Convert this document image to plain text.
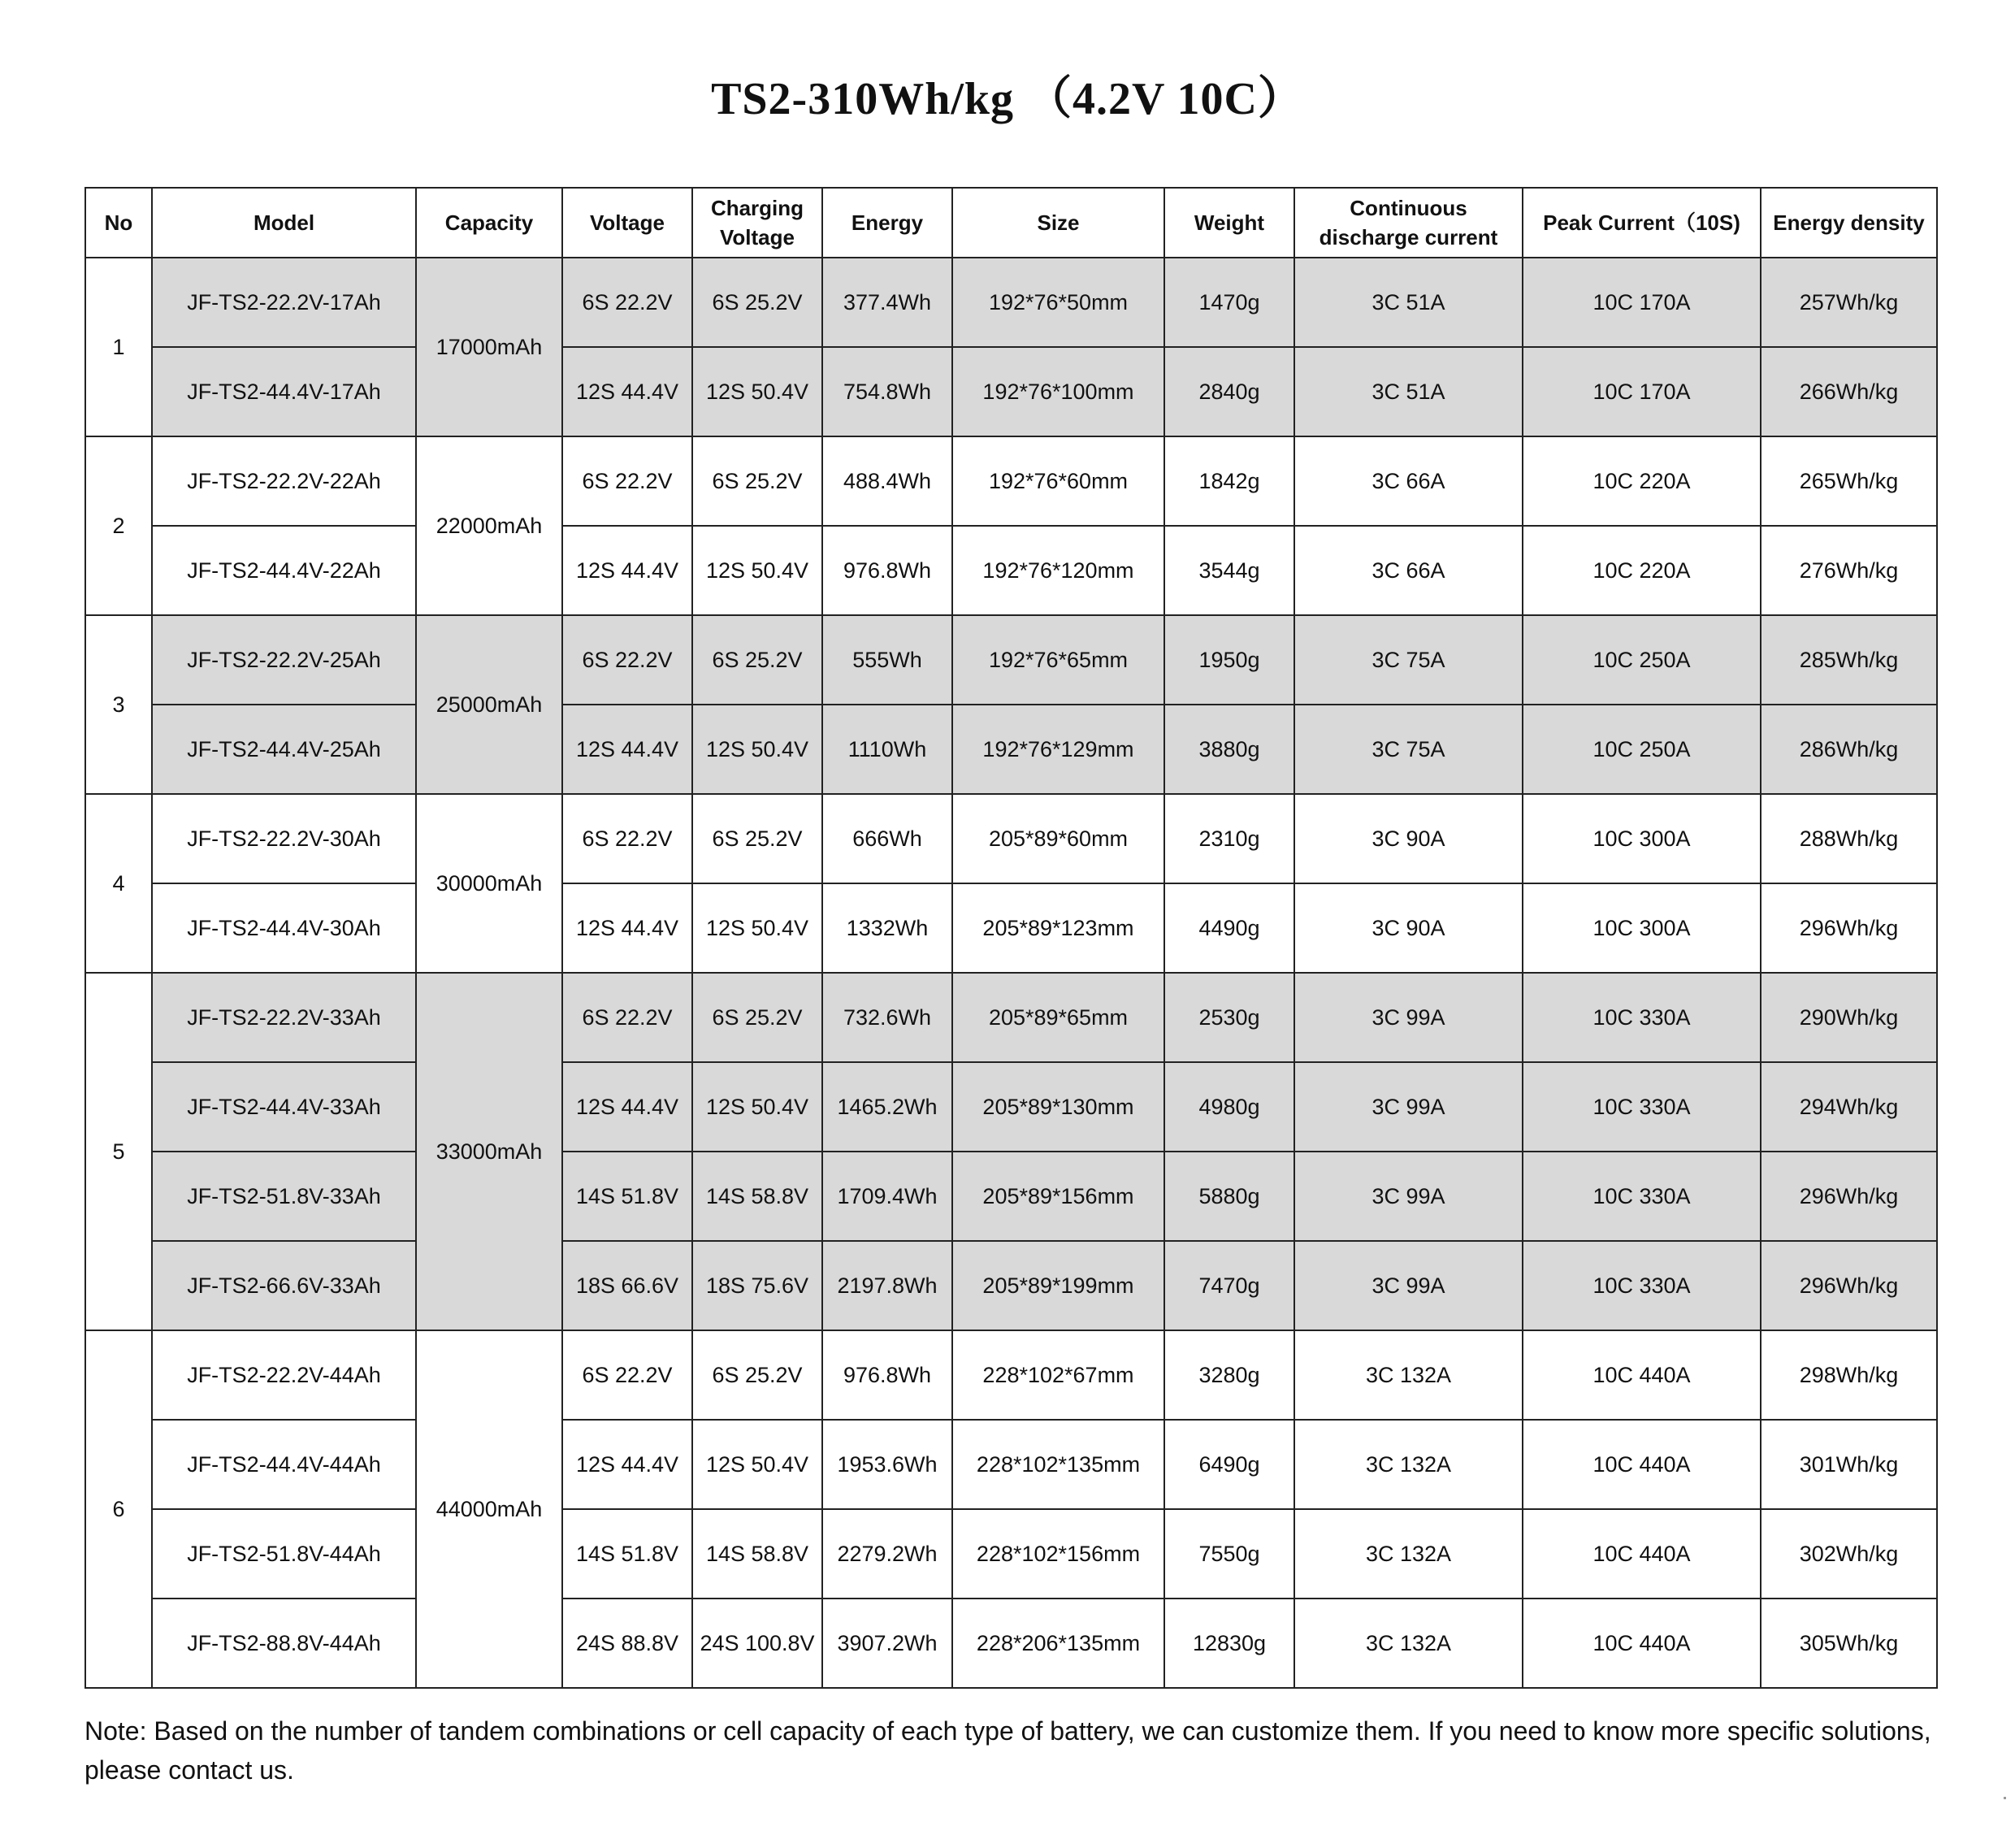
TS2-310Wh/kg （4.2V 10C）
No	Model	Capacity	Voltage	Charging Voltage	Energy	Size	Weight	Continuous discharge current	Peak Current（10S)	Energy density
1	JF-TS2-22.2V-17Ah	17000mAh	6S 22.2V	6S 25.2V	377.4Wh	192*76*50mm	1470g	3C 51A	10C 170A	257Wh/kg
	JF-TS2-44.4V-17Ah		12S 44.4V	12S 50.4V	754.8Wh	192*76*100mm	2840g	3C 51A	10C 170A	266Wh/kg
2	JF-TS2-22.2V-22Ah	22000mAh	6S 22.2V	6S 25.2V	488.4Wh	192*76*60mm	1842g	3C 66A	10C 220A	265Wh/kg
	JF-TS2-44.4V-22Ah		12S 44.4V	12S 50.4V	976.8Wh	192*76*120mm	3544g	3C 66A	10C 220A	276Wh/kg
3	JF-TS2-22.2V-25Ah	25000mAh	6S 22.2V	6S 25.2V	555Wh	192*76*65mm	1950g	3C 75A	10C 250A	285Wh/kg
	JF-TS2-44.4V-25Ah		12S 44.4V	12S 50.4V	1110Wh	192*76*129mm	3880g	3C 75A	10C 250A	286Wh/kg
4	JF-TS2-22.2V-30Ah	30000mAh	6S 22.2V	6S 25.2V	666Wh	205*89*60mm	2310g	3C 90A	10C 300A	288Wh/kg
	JF-TS2-44.4V-30Ah		12S 44.4V	12S 50.4V	1332Wh	205*89*123mm	4490g	3C 90A	10C 300A	296Wh/kg
5	JF-TS2-22.2V-33Ah	33000mAh	6S 22.2V	6S 25.2V	732.6Wh	205*89*65mm	2530g	3C 99A	10C 330A	290Wh/kg
	JF-TS2-44.4V-33Ah		12S 44.4V	12S 50.4V	1465.2Wh	205*89*130mm	4980g	3C 99A	10C 330A	294Wh/kg
	JF-TS2-51.8V-33Ah		14S 51.8V	14S 58.8V	1709.4Wh	205*89*156mm	5880g	3C 99A	10C 330A	296Wh/kg
	JF-TS2-66.6V-33Ah		18S 66.6V	18S 75.6V	2197.8Wh	205*89*199mm	7470g	3C 99A	10C 330A	296Wh/kg
6	JF-TS2-22.2V-44Ah	44000mAh	6S 22.2V	6S 25.2V	976.8Wh	228*102*67mm	3280g	3C 132A	10C 440A	298Wh/kg
	JF-TS2-44.4V-44Ah		12S 44.4V	12S 50.4V	1953.6Wh	228*102*135mm	6490g	3C 132A	10C 440A	301Wh/kg
	JF-TS2-51.8V-44Ah		14S 51.8V	14S 58.8V	2279.2Wh	228*102*156mm	7550g	3C 132A	10C 440A	302Wh/kg
	JF-TS2-88.8V-44Ah		24S 88.8V	24S 100.8V	3907.2Wh	228*206*135mm	12830g	3C 132A	10C 440A	305Wh/kg
Note: Based on the number of tandem combinations or cell capacity of each type of battery, we can customize them. If you need to know more specific solutions, please contact us.
